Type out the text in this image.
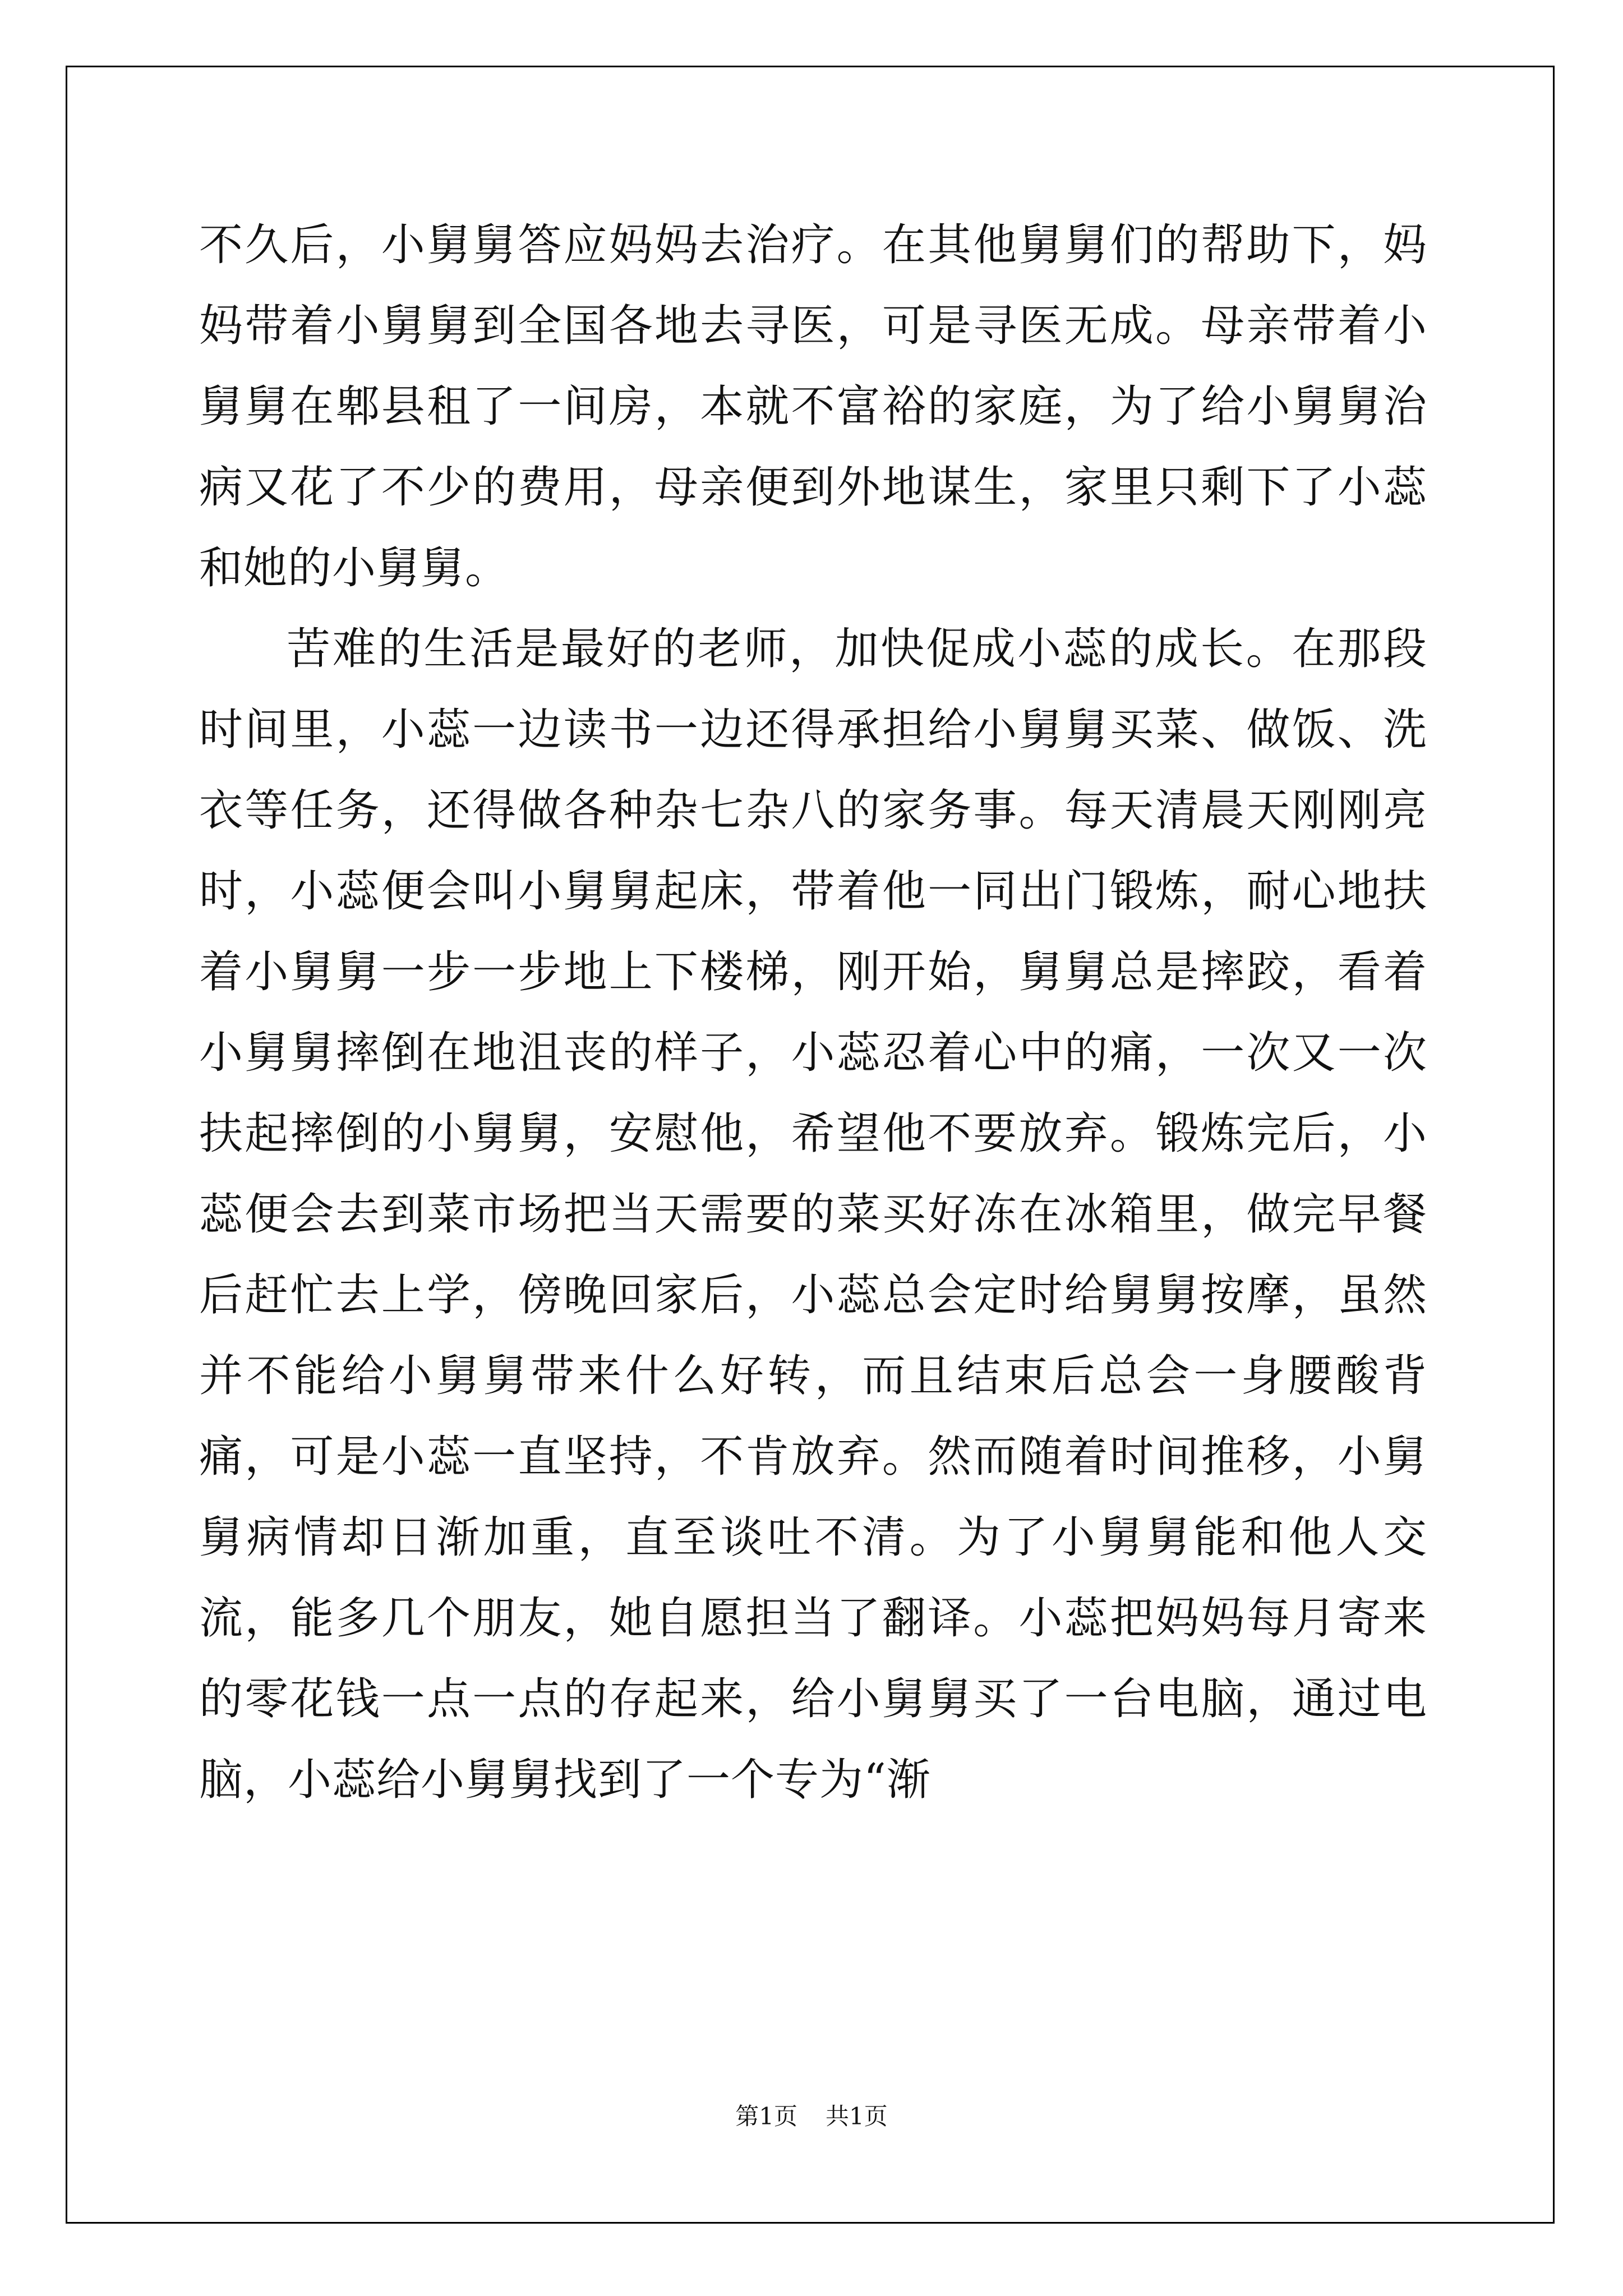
不久后，小舅舅答应妈妈去治疗。在其他舅舅们的帮助下，妈妈带着小舅舅到全国各地去寻医，可是寻医无成。母亲带着小舅舅在郫县租了一间房，本就不富裕的家庭，为了给小舅舅治病又花了不少的费用，母亲便到外地谋生，家里只剩下了小蕊和她的小舅舅。

苦难的生活是最好的老师，加快促成小蕊的成长。在那段时间里，小蕊一边读书一边还得承担给小舅舅买菜、做饭、洗衣等任务，还得做各种杂七杂八的家务事。每天清晨天刚刚亮时，小蕊便会叫小舅舅起床，带着他一同出门锻炼，耐心地扶着小舅舅一步一步地上下楼梯，刚开始，舅舅总是摔跤，看着小舅舅摔倒在地沮丧的样子，小蕊忍着心中的痛，一次又一次扶起摔倒的小舅舅，安慰他，希望他不要放弃。锻炼完后，小蕊便会去到菜市场把当天需要的菜买好冻在冰箱里，做完早餐后赶忙去上学，傍晚回家后，小蕊总会定时给舅舅按摩，虽然并不能给小舅舅带来什么好转，而且结束后总会一身腰酸背痛，可是小蕊一直坚持，不肯放弃。然而随着时间推移，小舅舅病情却日渐加重，直至谈吐不清。为了小舅舅能和他人交流，能多几个朋友，她自愿担当了翻译。小蕊把妈妈每月寄来的零花钱一点一点的存起来，给小舅舅买了一台电脑，通过电脑，小蕊给小舅舅找到了一个专为“渐

第1页 共1页
